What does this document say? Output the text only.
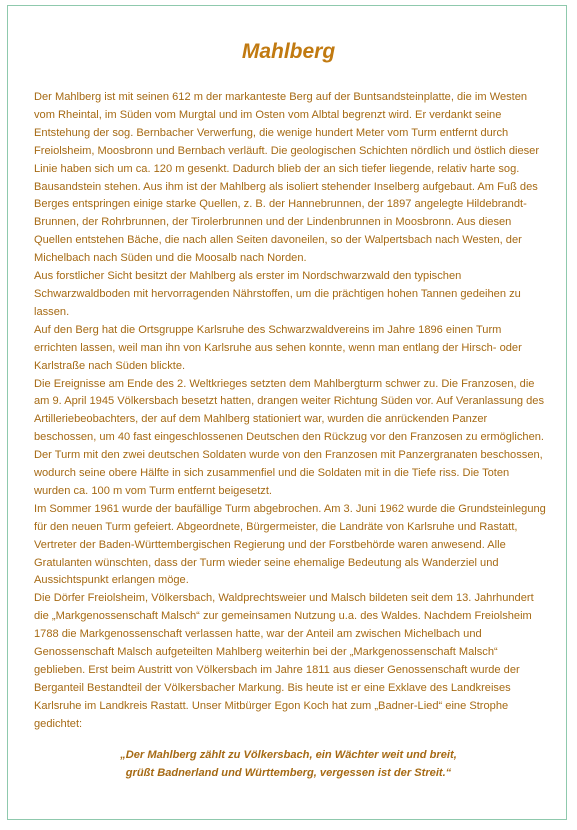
Mahlberg

Der Mahlberg ist mit seinen 612 m der markanteste Berg auf der Buntsandsteinplatte, die im Westen vom Rheintal, im Süden vom Murgtal und im Osten vom Albtal begrenzt wird. Er verdankt seine Entstehung der sog. Bernbacher Verwerfung, die wenige hundert Meter vom Turm entfernt durch Freiolsheim, Moosbronn und Bernbach verläuft. Die geologischen Schichten nördlich und östlich dieser Linie haben sich um ca. 120 m gesenkt. Dadurch blieb der an sich tiefer liegende, relativ harte sog. Bausandstein stehen. Aus ihm ist der Mahlberg als isoliert stehender Inselberg aufgebaut. Am Fuß des Berges entspringen einige starke Quellen, z. B. der Hannebrunnen, der 1897 angelegte Hildebrandt-Brunnen, der Rohrbrunnen, der Tirolerbrunnen und der Lindenbrunnen in Moosbronn. Aus diesen Quellen entstehen Bäche, die nach allen Seiten davoneilen, so der Walpertsbach nach Westen, der Michelbach nach Süden und die Moosalb nach Norden.

Aus forstlicher Sicht besitzt der Mahlberg als erster im Nordschwarzwald den typischen Schwarzwaldboden mit hervorragenden Nährstoffen, um die prächtigen hohen Tannen gedeihen zu lassen.

Auf den Berg hat die Ortsgruppe Karlsruhe des Schwarzwaldvereins im Jahre 1896 einen Turm errichten lassen, weil man ihn von Karlsruhe aus sehen konnte, wenn man entlang der Hirsch- oder Karlstraße nach Süden blickte.

Die Ereignisse am Ende des 2. Weltkrieges setzten dem Mahlbergturm schwer zu. Die Franzosen, die am 9. April 1945 Völkersbach besetzt hatten, drangen weiter Richtung Süden vor. Auf Veranlassung des Artilleriebeobachters, der auf dem Mahlberg stationiert war, wurden die anrückenden Panzer beschossen, um 40 fast eingeschlossenen Deutschen den Rückzug vor den Franzosen zu ermöglichen. Der Turm mit den zwei deutschen Soldaten wurde von den Franzosen mit Panzergranaten beschossen, wodurch seine obere Hälfte in sich zusammenfiel und die Soldaten mit in die Tiefe riss. Die Toten wurden ca. 100 m vom Turm entfernt beigesetzt.

Im Sommer 1961 wurde der baufällige Turm abgebrochen. Am 3. Juni 1962 wurde die Grundsteinlegung für den neuen Turm gefeiert. Abgeordnete, Bürgermeister, die Landräte von Karlsruhe und Rastatt, Vertreter der Baden-Württembergischen Regierung und der Forstbehörde waren anwesend. Alle Gratulanten wünschten, dass der Turm wieder seine ehemalige Bedeutung als Wanderziel und Aussichtspunkt erlangen möge.

Die Dörfer Freiolsheim, Völkersbach, Waldprechtsweier und Malsch bildeten seit dem 13. Jahrhundert die „Markgenossenschaft Malsch“ zur gemeinsamen Nutzung u.a. des Waldes. Nachdem Freiolsheim 1788 die Markgenossenschaft verlassen hatte, war der Anteil am zwischen Michelbach und Genossenschaft Malsch aufgeteilten Mahlberg weiterhin bei der „Markgenossenschaft Malsch“ geblieben. Erst beim Austritt von Völkersbach im Jahre 1811 aus dieser Genossenschaft wurde der Berganteil Bestandteil der Völkersbacher Markung. Bis heute ist er eine Exklave des Landkreises Karlsruhe im Landkreis Rastatt. Unser Mitbürger Egon Koch hat zum „Badner-Lied“ eine Strophe gedichtet:

„Der Mahlberg zählt zu Völkersbach, ein Wächter weit und breit,
grüßt Badnerland und Württemberg, vergessen ist der Streit.“
